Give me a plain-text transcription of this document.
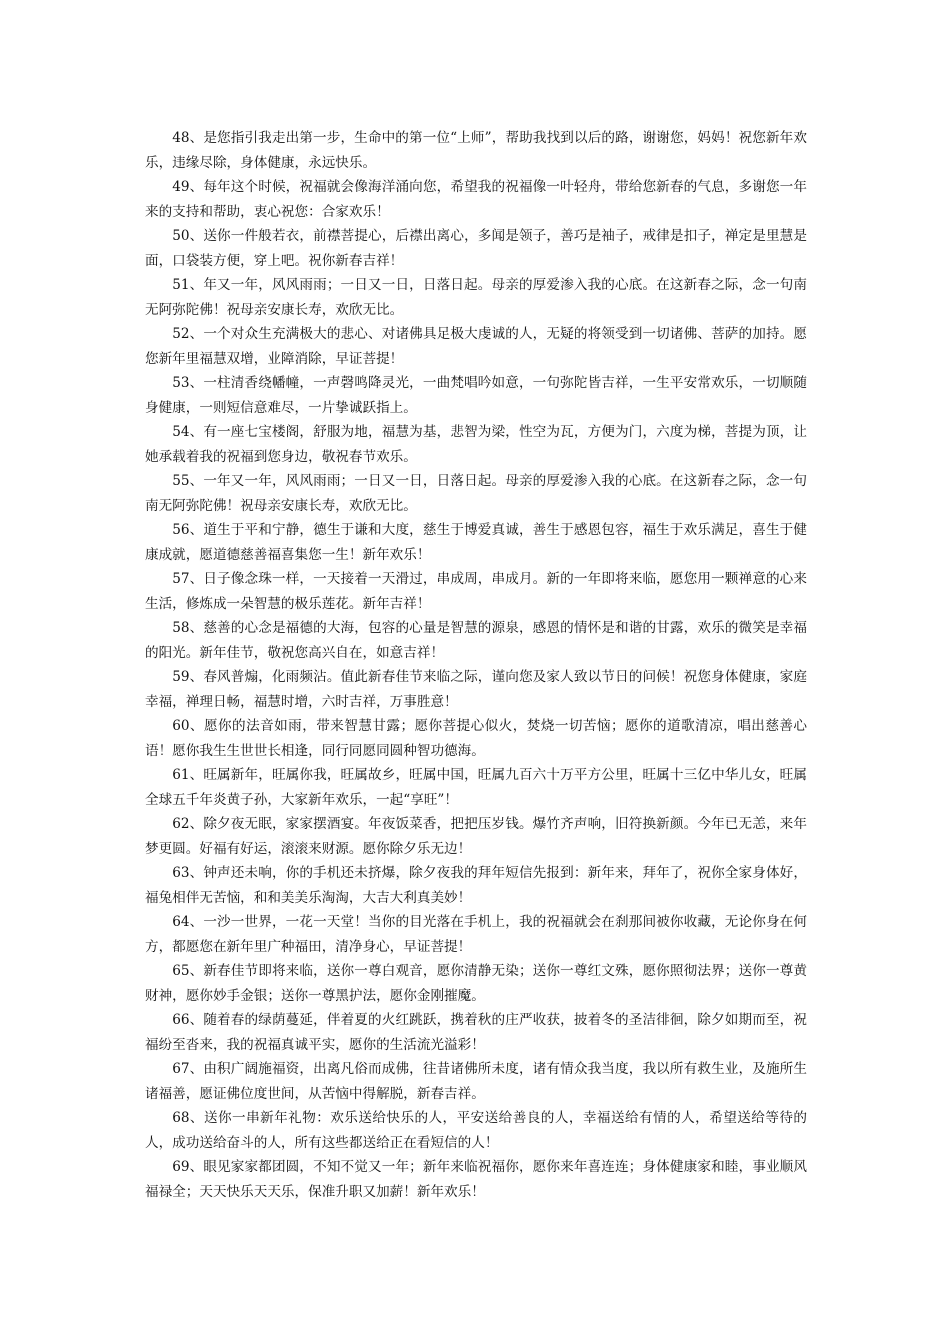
48、是您指引我走出第一步，生命中的第一位“上师”，帮助我找到以后的路，谢谢您，妈妈！祝您新年欢乐，违缘尽除，身体健康，永远快乐。

49、每年这个时候，祝福就会像海洋涌向您，希望我的祝福像一叶轻舟，带给您新春的气息，多谢您一年来的支持和帮助，衷心祝您：合家欢乐！

50、送你一件般若衣，前襟菩提心，后襟出离心，多闻是领子，善巧是袖子，戒律是扣子，禅定是里慧是面，口袋装方便，穿上吧。祝你新春吉祥！

51、年又一年，风风雨雨；一日又一日，日落日起。母亲的厚爱渗入我的心底。在这新春之际，念一句南无阿弥陀佛！祝母亲安康长寿，欢欣无比。

52、一个对众生充满极大的悲心、对诸佛具足极大虔诚的人，无疑的将领受到一切诸佛、菩萨的加持。愿您新年里福慧双增，业障消除，早证菩提！

53、一柱清香绕幡幢，一声磬鸣降灵光，一曲梵唱吟如意，一句弥陀皆吉祥，一生平安常欢乐，一切顺随身健康，一则短信意难尽，一片挚诚跃指上。

54、有一座七宝楼阁，舒服为地，福慧为基，悲智为梁，性空为瓦，方便为门，六度为梯，菩提为顶，让她承载着我的祝福到您身边，敬祝春节欢乐。

55、一年又一年，风风雨雨；一日又一日，日落日起。母亲的厚爱渗入我的心底。在这新春之际，念一句南无阿弥陀佛！祝母亲安康长寿，欢欣无比。

56、道生于平和宁静，德生于谦和大度，慈生于博爱真诚，善生于感恩包容，福生于欢乐满足，喜生于健康成就，愿道德慈善福喜集您一生！新年欢乐！

57、日子像念珠一样，一天接着一天滑过，串成周，串成月。新的一年即将来临，愿您用一颗禅意的心来生活，修炼成一朵智慧的极乐莲花。新年吉祥！

58、慈善的心念是福德的大海，包容的心量是智慧的源泉，感恩的情怀是和谐的甘露，欢乐的微笑是幸福的阳光。新年佳节，敬祝您高兴自在，如意吉祥！

59、春风普煽，化雨频沾。值此新春佳节来临之际，谨向您及家人致以节日的问候！祝您身体健康，家庭幸福，禅理日畅，福慧时增，六时吉祥，万事胜意！

60、愿你的法音如雨，带来智慧甘露；愿你菩提心似火，焚烧一切苦恼；愿你的道歌清凉，唱出慈善心语！愿你我生生世世长相逢，同行同愿同圆种智功德海。

61、旺属新年，旺属你我，旺属故乡，旺属中国，旺属九百六十万平方公里，旺属十三亿中华儿女，旺属全球五千年炎黄子孙，大家新年欢乐，一起“享旺”！

62、除夕夜无眠，家家摆酒宴。年夜饭菜香，把把压岁钱。爆竹齐声响，旧符换新颜。今年已无恙，来年梦更圆。好福有好运，滚滚来财源。愿你除夕乐无边！

63、钟声还未响，你的手机还未挤爆，除夕夜我的拜年短信先报到：新年来，拜年了，祝你全家身体好，福兔相伴无苦恼，和和美美乐淘淘，大吉大利真美妙！

64、一沙一世界，一花一天堂！当你的目光落在手机上，我的祝福就会在刹那间被你收藏，无论你身在何方，都愿您在新年里广种福田，清净身心，早证菩提！

65、新春佳节即将来临，送你一尊白观音，愿你清静无染；送你一尊红文殊，愿你照彻法界；送你一尊黄财神，愿你妙手金银；送你一尊黑护法，愿你金刚摧魔。

66、随着春的绿荫蔓延，伴着夏的火红跳跃，携着秋的庄严收获，披着冬的圣洁徘徊，除夕如期而至，祝福纷至沓来，我的祝福真诚平实，愿你的生活流光溢彩！

67、由积广阔施福资，出离凡俗而成佛，往昔诸佛所未度，诸有情众我当度，我以所有救生业，及施所生诸福善，愿证佛位度世间，从苦恼中得解脱，新春吉祥。

68、送你一串新年礼物：欢乐送给快乐的人，平安送给善良的人，幸福送给有情的人，希望送给等待的人，成功送给奋斗的人，所有这些都送给正在看短信的人！

69、眼见家家都团圆，不知不觉又一年；新年来临祝福你，愿你来年喜连连；身体健康家和睦，事业顺风福禄全；天天快乐天天乐，保准升职又加薪！新年欢乐！
